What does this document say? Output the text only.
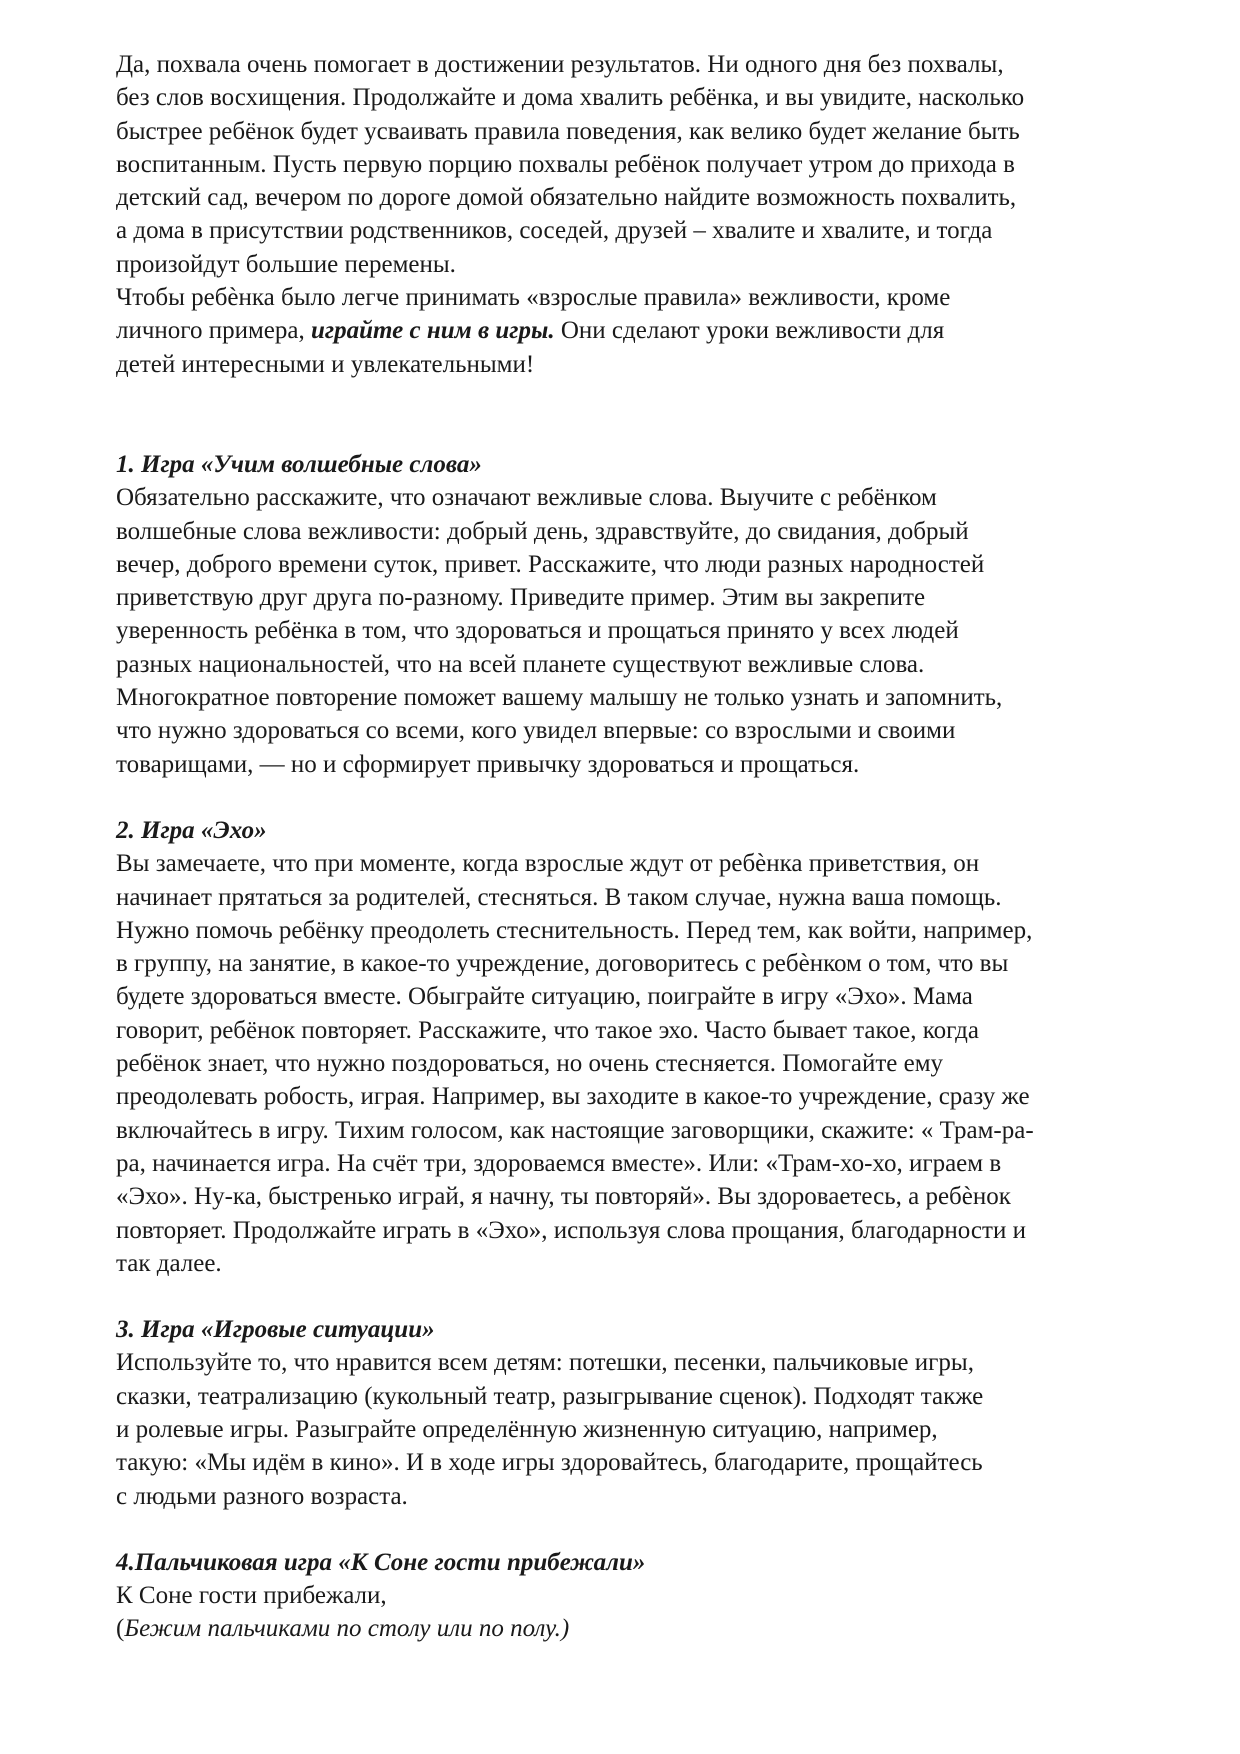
Да, похвала очень помогает в достижении результатов. Ни одного дня без похвалы,
без слов восхищения. Продолжайте и дома хвалить ребёнка, и вы увидите, насколько
быстрее ребёнок будет усваивать правила поведения, как велико будет желание быть
воспитанным. Пусть первую порцию похвалы ребёнок получает утром до прихода в
детский сад, вечером по дороге домой обязательно найдите возможность похвалить,
а дома в присутствии родственников, соседей, друзей – хвалите и хвалите, и тогда
произойдут большие перемены.
Чтобы ребѐнка было легче принимать «взрослые правила» вежливости, кроме
личного примера, играйте с ним в игры. Они сделают уроки вежливости для
детей интересными и увлекательными!
1. Игра «Учим волшебные слова»
Обязательно расскажите, что означают вежливые слова. Выучите с ребёнком
волшебные слова вежливости: добрый день, здравствуйте, до свидания, добрый
вечер, доброго времени суток, привет. Расскажите, что люди разных народностей
приветствую друг друга по-разному. Приведите пример. Этим вы закрепите
уверенность ребёнка в том, что здороваться и прощаться принято у всех людей
разных национальностей, что на всей планете существуют вежливые слова.
Многократное повторение поможет вашему малышу не только узнать и запомнить,
что нужно здороваться со всеми, кого увидел впервые: со взрослыми и своими
товарищами, — но и сформирует привычку здороваться и прощаться.
2. Игра «Эхо»
Вы замечаете, что при моменте, когда взрослые ждут от ребѐнка приветствия, он
начинает прятаться за родителей, стесняться. В таком случае, нужна ваша помощь.
Нужно помочь ребёнку преодолеть стеснительность. Перед тем, как войти, например,
в группу, на занятие, в какое-то учреждение, договоритесь с ребѐнком о том, что вы
будете здороваться вместе. Обыграйте ситуацию, поиграйте в игру «Эхо». Мама
говорит, ребёнок повторяет. Расскажите, что такое эхо. Часто бывает такое, когда
ребёнок знает, что нужно поздороваться, но очень стесняется. Помогайте ему
преодолевать робость, играя. Например, вы заходите в какое-то учреждение, сразу же
включайтесь в игру. Тихим голосом, как настоящие заговорщики, скажите: « Трам-ра-
ра, начинается игра. На счёт три, здороваемся вместе». Или: «Трам-хо-хо, играем в
«Эхо». Ну-ка, быстренько играй, я начну, ты повторяй». Вы здороваетесь, а ребѐнок
повторяет. Продолжайте играть в «Эхо», используя слова прощания, благодарности и
так далее.
3. Игра «Игровые ситуации»
Используйте то, что нравится всем детям: потешки, песенки, пальчиковые игры,
сказки, театрализацию (кукольный театр, разыгрывание сценок). Подходят также
и ролевые игры. Разыграйте определённую жизненную ситуацию, например,
такую: «Мы идём в кино». И в ходе игры здоровайтесь, благодарите, прощайтесь
с людьми разного возраста.
4.Пальчиковая игра «К Соне гости прибежали»
К Соне гости прибежали,
(Бежим пальчиками по столу или по полу.)
